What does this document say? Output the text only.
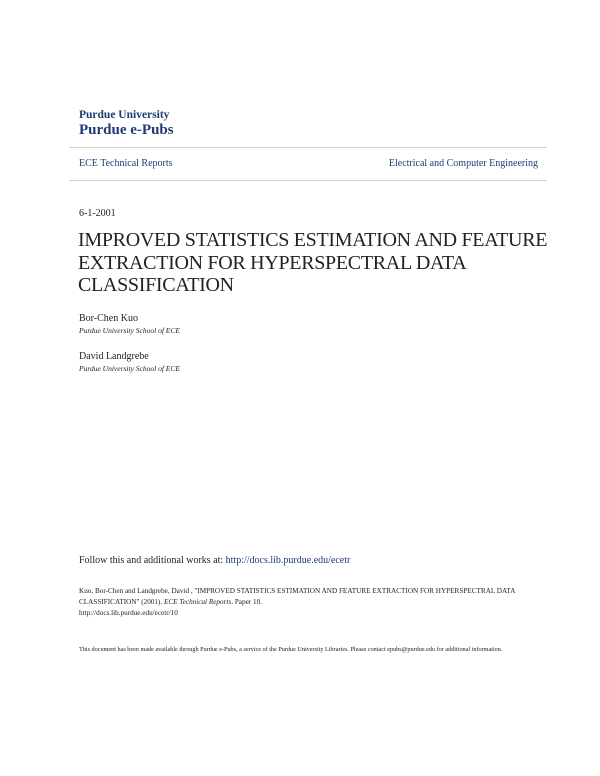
Purdue University
Purdue e-Pubs
ECE Technical Reports	Electrical and Computer Engineering
6-1-2001
IMPROVED STATISTICS ESTIMATION AND FEATURE EXTRACTION FOR HYPERSPECTRAL DATA CLASSIFICATION
Bor-Chen Kuo
Purdue University School of ECE
David Landgrebe
Purdue University School of ECE
Follow this and additional works at: http://docs.lib.purdue.edu/ecetr
Kuo, Bor-Chen and Landgrebe, David , "IMPROVED STATISTICS ESTIMATION AND FEATURE EXTRACTION FOR HYPERSPECTRAL DATA CLASSIFICATION" (2001). ECE Technical Reports. Paper 10.
http://docs.lib.purdue.edu/ecetr/10
This document has been made available through Purdue e-Pubs, a service of the Purdue University Libraries. Please contact epubs@purdue.edu for additional information.
